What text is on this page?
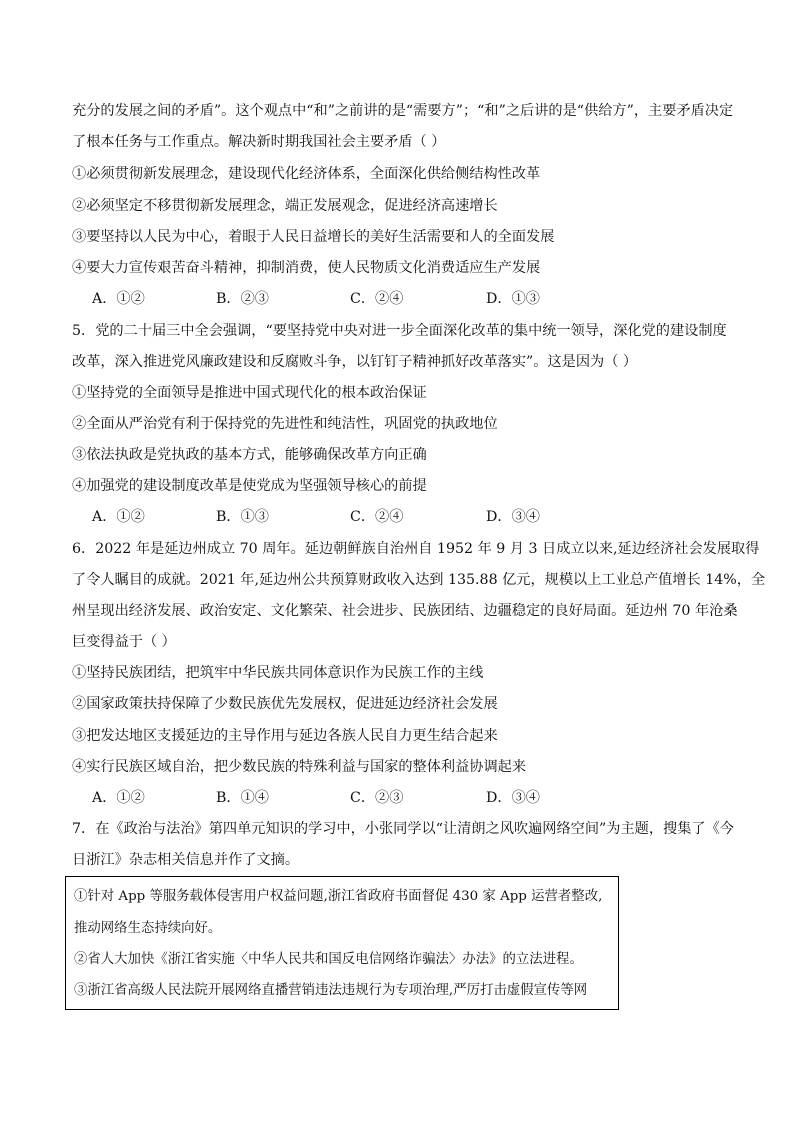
充分的发展之间的矛盾”。这个观点中“和”之前讲的是“需要方”；“和”之后讲的是“供给方”，主要矛盾决定
了根本任务与工作重点。解决新时期我国社会主要矛盾（ ）
①必须贯彻新发展理念，建设现代化经济体系，全面深化供给侧结构性改革
②必须坚定不移贯彻新发展理念，端正发展观念，促进经济高速增长
③要坚持以人民为中心，着眼于人民日益增长的美好生活需要和人的全面发展
④要大力宣传艰苦奋斗精神，抑制消费，使人民物质文化消费适应生产发展
A．①②	B．②③	C．②④	D．①③
5．党的二十届三中全会强调，“要坚持党中央对进一步全面深化改革的集中统一领导，深化党的建设制度
改革，深入推进党风廉政建设和反腐败斗争，以钉钉子精神抓好改革落实”。这是因为（ ）
①坚持党的全面领导是推进中国式现代化的根本政治保证
②全面从严治党有利于保持党的先进性和纯洁性，巩固党的执政地位
③依法执政是党执政的基本方式，能够确保改革方向正确
④加强党的建设制度改革是使党成为坚强领导核心的前提
A．①②	B．①③	C．②④	D．③④
6．2022 年是延边州成立 70 周年。延边朝鲜族自治州自 1952 年 9 月 3 日成立以来,延边经济社会发展取得
了令人瞩目的成就。2021 年,延边州公共预算财政收入达到 135.88 亿元，规模以上工业总产值增长 14%，全
州呈现出经济发展、政治安定、文化繁荣、社会进步、民族团结、边疆稳定的良好局面。延边州 70 年沧桑
巨变得益于（ ）
①坚持民族团结，把筑牢中华民族共同体意识作为民族工作的主线
②国家政策扶持保障了少数民族优先发展权，促进延边经济社会发展
③把发达地区支援延边的主导作用与延边各族人民自力更生结合起来
④实行民族区域自治，把少数民族的特殊利益与国家的整体利益协调起来
A．①②	B．①④	C．②③	D．③④
7．在《政治与法治》第四单元知识的学习中，小张同学以“让清朗之风吹遍网络空间”为主题，搜集了《今
日浙江》杂志相关信息并作了文摘。
①针对 App 等服务载体侵害用户权益问题,浙江省政府书面督促 430 家 App 运营者整改,
推动网络生态持续向好。
②省人大加快《浙江省实施〈中华人民共和国反电信网络诈骗法〉办法》的立法进程。
③浙江省高级人民法院开展网络直播营销违法违规行为专项治理,严厉打击虚假宣传等网
